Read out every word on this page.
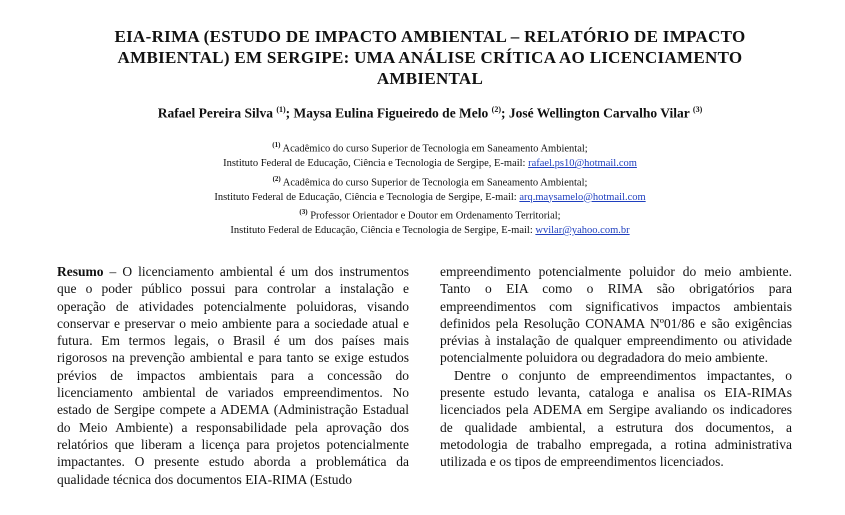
EIA-RIMA (ESTUDO DE IMPACTO AMBIENTAL – RELATÓRIO DE IMPACTO
AMBIENTAL) EM SERGIPE: UMA ANÁLISE CRÍTICA AO LICENCIAMENTO
AMBIENTAL
Rafael Pereira Silva $^{(1)}$; Maysa Eulina Figueiredo de Melo $^{(2)}$; José Wellington Carvalho Vilar $^{(3)}$
$^{(1)}$ Acadêmico do curso Superior de Tecnologia em Saneamento Ambiental;
Instituto Federal de Educação, Ciência e Tecnologia de Sergipe, E-mail: rafael.ps10@hotmail.com
$^{(2)}$ Acadêmica do curso Superior de Tecnologia em Saneamento Ambiental;
Instituto Federal de Educação, Ciência e Tecnologia de Sergipe, E-mail: arq.maysamelo@hotmail.com
$^{(3)}$ Professor Orientador e Doutor em Ordenamento Territorial;
Instituto Federal de Educação, Ciência e Tecnologia de Sergipe, E-mail: wvilar@yahoo.com.br

Resumo – O licenciamento ambiental é um dos instrumentos que o poder público possui para controlar a instalação e operação de atividades potencialmente poluidoras, visando conservar e preservar o meio ambiente para a sociedade atual e futura. Em termos legais, o Brasil é um dos países mais rigorosos na prevenção ambiental e para tanto se exige estudos prévios de impactos ambientais para a concessão do licenciamento ambiental de variados empreendimentos. No estado de Sergipe compete a ADEMA (Administração Estadual do Meio Ambiente) a responsabilidade pela aprovação dos relatórios que liberam a licença para projetos potencialmente impactantes. O presente estudo aborda a problemática da qualidade técnica dos documentos EIA-RIMA (Estudo

empreendimento potencialmente poluidor do meio ambiente. Tanto o EIA como o RIMA são obrigatórios para empreendimentos com significativos impactos ambientais definidos pela Resolução CONAMA Nº01/86 e são exigências prévias à instalação de qualquer empreendimento ou atividade potencialmente poluidora ou degradadora do meio ambiente.

Dentre o conjunto de empreendimentos impactantes, o presente estudo levanta, cataloga e analisa os EIA-RIMAs licenciados pela ADEMA em Sergipe avaliando os indicadores de qualidade ambiental, a estrutura dos documentos, a metodologia de trabalho empregada, a rotina administrativa utilizada e os tipos de empreendimentos licenciados.
